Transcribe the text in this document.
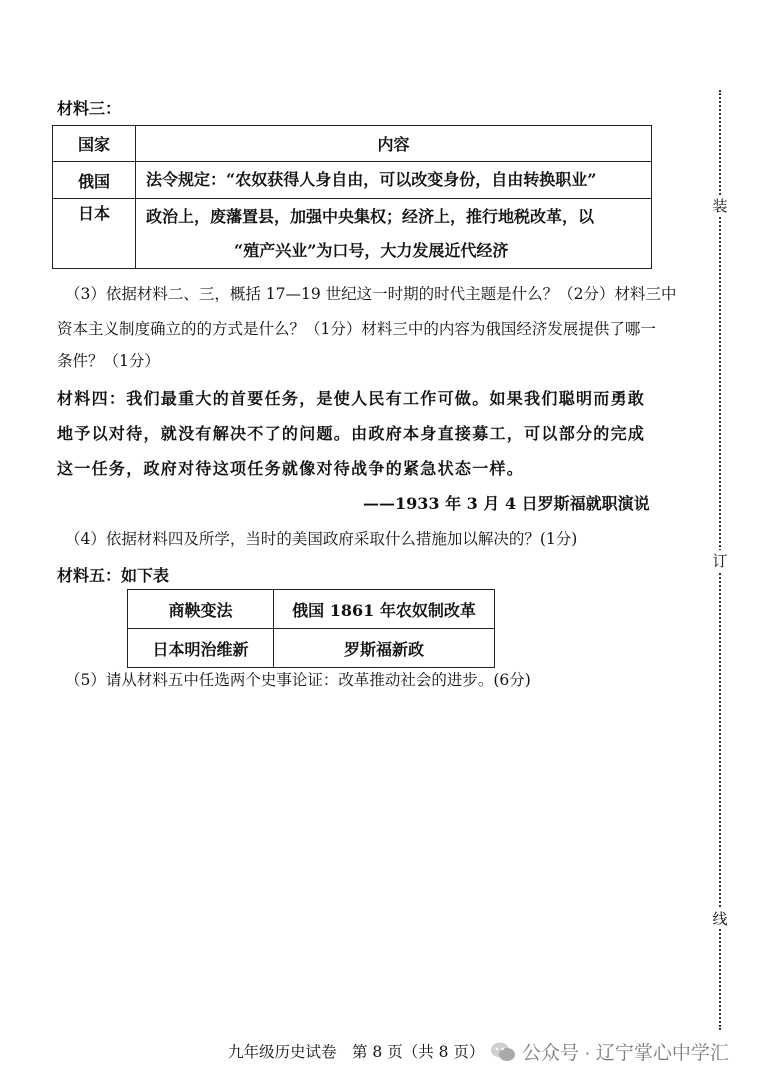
材料三：
国家	内容
俄国	法令规定：“农奴获得人身自由，可以改变身份，自由转换职业”
日本	政治上，废藩置县，加强中央集权；经济上，推行地税改革，以
“殖产兴业”为口号，大力发展近代经济
（3）依据材料二、三，概括 17—19 世纪这一时期的时代主题是什么？（2分）材料三中
资本主义制度确立的的方式是什么？（1分）材料三中的内容为俄国经济发展提供了哪一
条件？（1分）
材料四：我们最重大的首要任务，是使人民有工作可做。如果我们聪明而勇敢
地予以对待，就没有解决不了的问题。由政府本身直接募工，可以部分的完成
这一任务，政府对待这项任务就像对待战争的紧急状态一样。
——1933 年 3 月 4 日罗斯福就职演说
（4）依据材料四及所学，当时的美国政府采取什么措施加以解决的？(1分)
材料五：如下表
商鞅变法	俄国 1861 年农奴制改革
日本明治维新	罗斯福新政
（5）请从材料五中任选两个史事论证：改革推动社会的进步。(6分)
装
订
线
九年级历史试卷　第 8 页（共 8 页） 公众号 · 辽宁掌心中学汇
